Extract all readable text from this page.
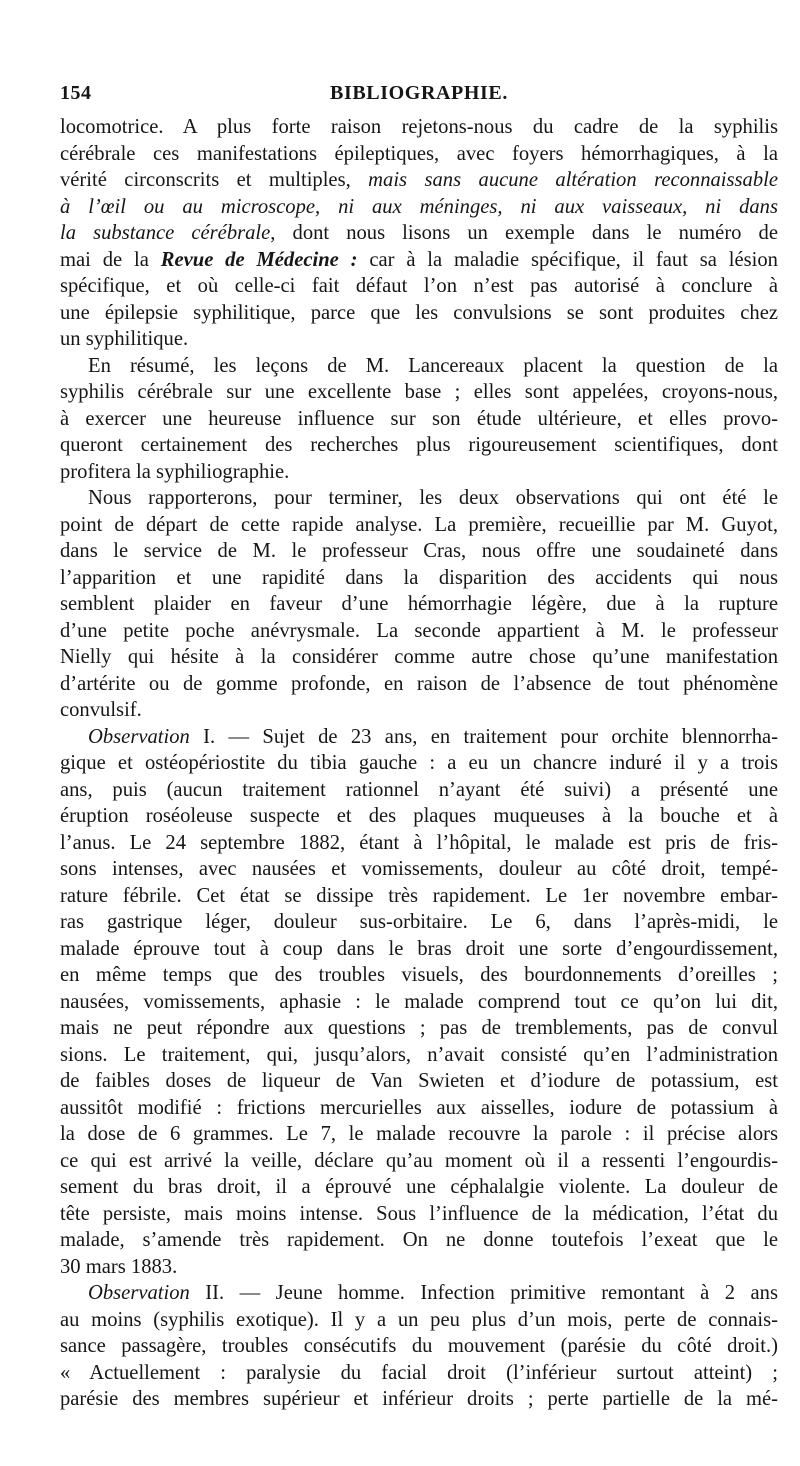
BIBLIOGRAPHIE.
154
locomotrice. A plus forte raison rejetons-nous du cadre de la syphilis
cérébrale ces manifestations épileptiques, avec foyers hémorrhagiques, à la
vérité circonscrits et multiples, mais sans aucune altération reconnaissable
à l’œil ou au microscope, ni aux méninges, ni aux vaisseaux, ni dans
la substance cérébrale, dont nous lisons un exemple dans le numéro de
mai de la Revue de Médecine : car à la maladie spécifique, il faut sa lésion
spécifique, et où celle-ci fait défaut l’on n’est pas autorisé à conclure à
une épilepsie syphilitique, parce que les convulsions se sont produites chez
un syphilitique.
En résumé, les leçons de M. Lancereaux placent la question de la
syphilis cérébrale sur une excellente base ; elles sont appelées, croyons-nous,
à exercer une heureuse influence sur son étude ultérieure, et elles provo-
queront certainement des recherches plus rigoureusement scientifiques, dont
profitera la syphiliographie.
Nous rapporterons, pour terminer, les deux observations qui ont été le
point de départ de cette rapide analyse. La première, recueillie par M. Guyot,
dans le service de M. le professeur Cras, nous offre une soudaineté dans
l’apparition et une rapidité dans la disparition des accidents qui nous
semblent plaider en faveur d’une hémorrhagie légère, due à la rupture
d’une petite poche anévrysmale. La seconde appartient à M. le professeur
Nielly qui hésite à la considérer comme autre chose qu’une manifestation
d’artérite ou de gomme profonde, en raison de l’absence de tout phénomène
convulsif.
Observation I. — Sujet de 23 ans, en traitement pour orchite blennorrha-
gique et ostéopériostite du tibia gauche : a eu un chancre induré il y a trois
ans, puis (aucun traitement rationnel n’ayant été suivi) a présenté une
éruption roséoleuse suspecte et des plaques muqueuses à la bouche et à
l’anus. Le 24 septembre 1882, étant à l’hôpital, le malade est pris de fris-
sons intenses, avec nausées et vomissements, douleur au côté droit, tempé-
rature fébrile. Cet état se dissipe très rapidement. Le 1er novembre embar-
ras gastrique léger, douleur sus-orbitaire. Le 6, dans l’après-midi, le
malade éprouve tout à coup dans le bras droit une sorte d’engourdissement,
en même temps que des troubles visuels, des bourdonnements d’oreilles ;
nausées, vomissements, aphasie : le malade comprend tout ce qu’on lui dit,
mais ne peut répondre aux questions ; pas de tremblements, pas de convul
sions. Le traitement, qui, jusqu’alors, n’avait consisté qu’en l’administration
de faibles doses de liqueur de Van Swieten et d’iodure de potassium, est
aussitôt modifié : frictions mercurielles aux aisselles, iodure de potassium à
la dose de 6 grammes. Le 7, le malade recouvre la parole : il précise alors
ce qui est arrivé la veille, déclare qu’au moment où il a ressenti l’engourdis-
sement du bras droit, il a éprouvé une céphalalgie violente. La douleur de
tête persiste, mais moins intense. Sous l’influence de la médication, l’état du
malade, s’amende très rapidement. On ne donne toutefois l’exeat que le
30 mars 1883.
Observation II. — Jeune homme. Infection primitive remontant à 2 ans
au moins (syphilis exotique). Il y a un peu plus d’un mois, perte de connais-
sance passagère, troubles consécutifs du mouvement (parésie du côté droit.)
« Actuellement : paralysie du facial droit (l’inférieur surtout atteint) ;
parésie des membres supérieur et inférieur droits ; perte partielle de la mé-
